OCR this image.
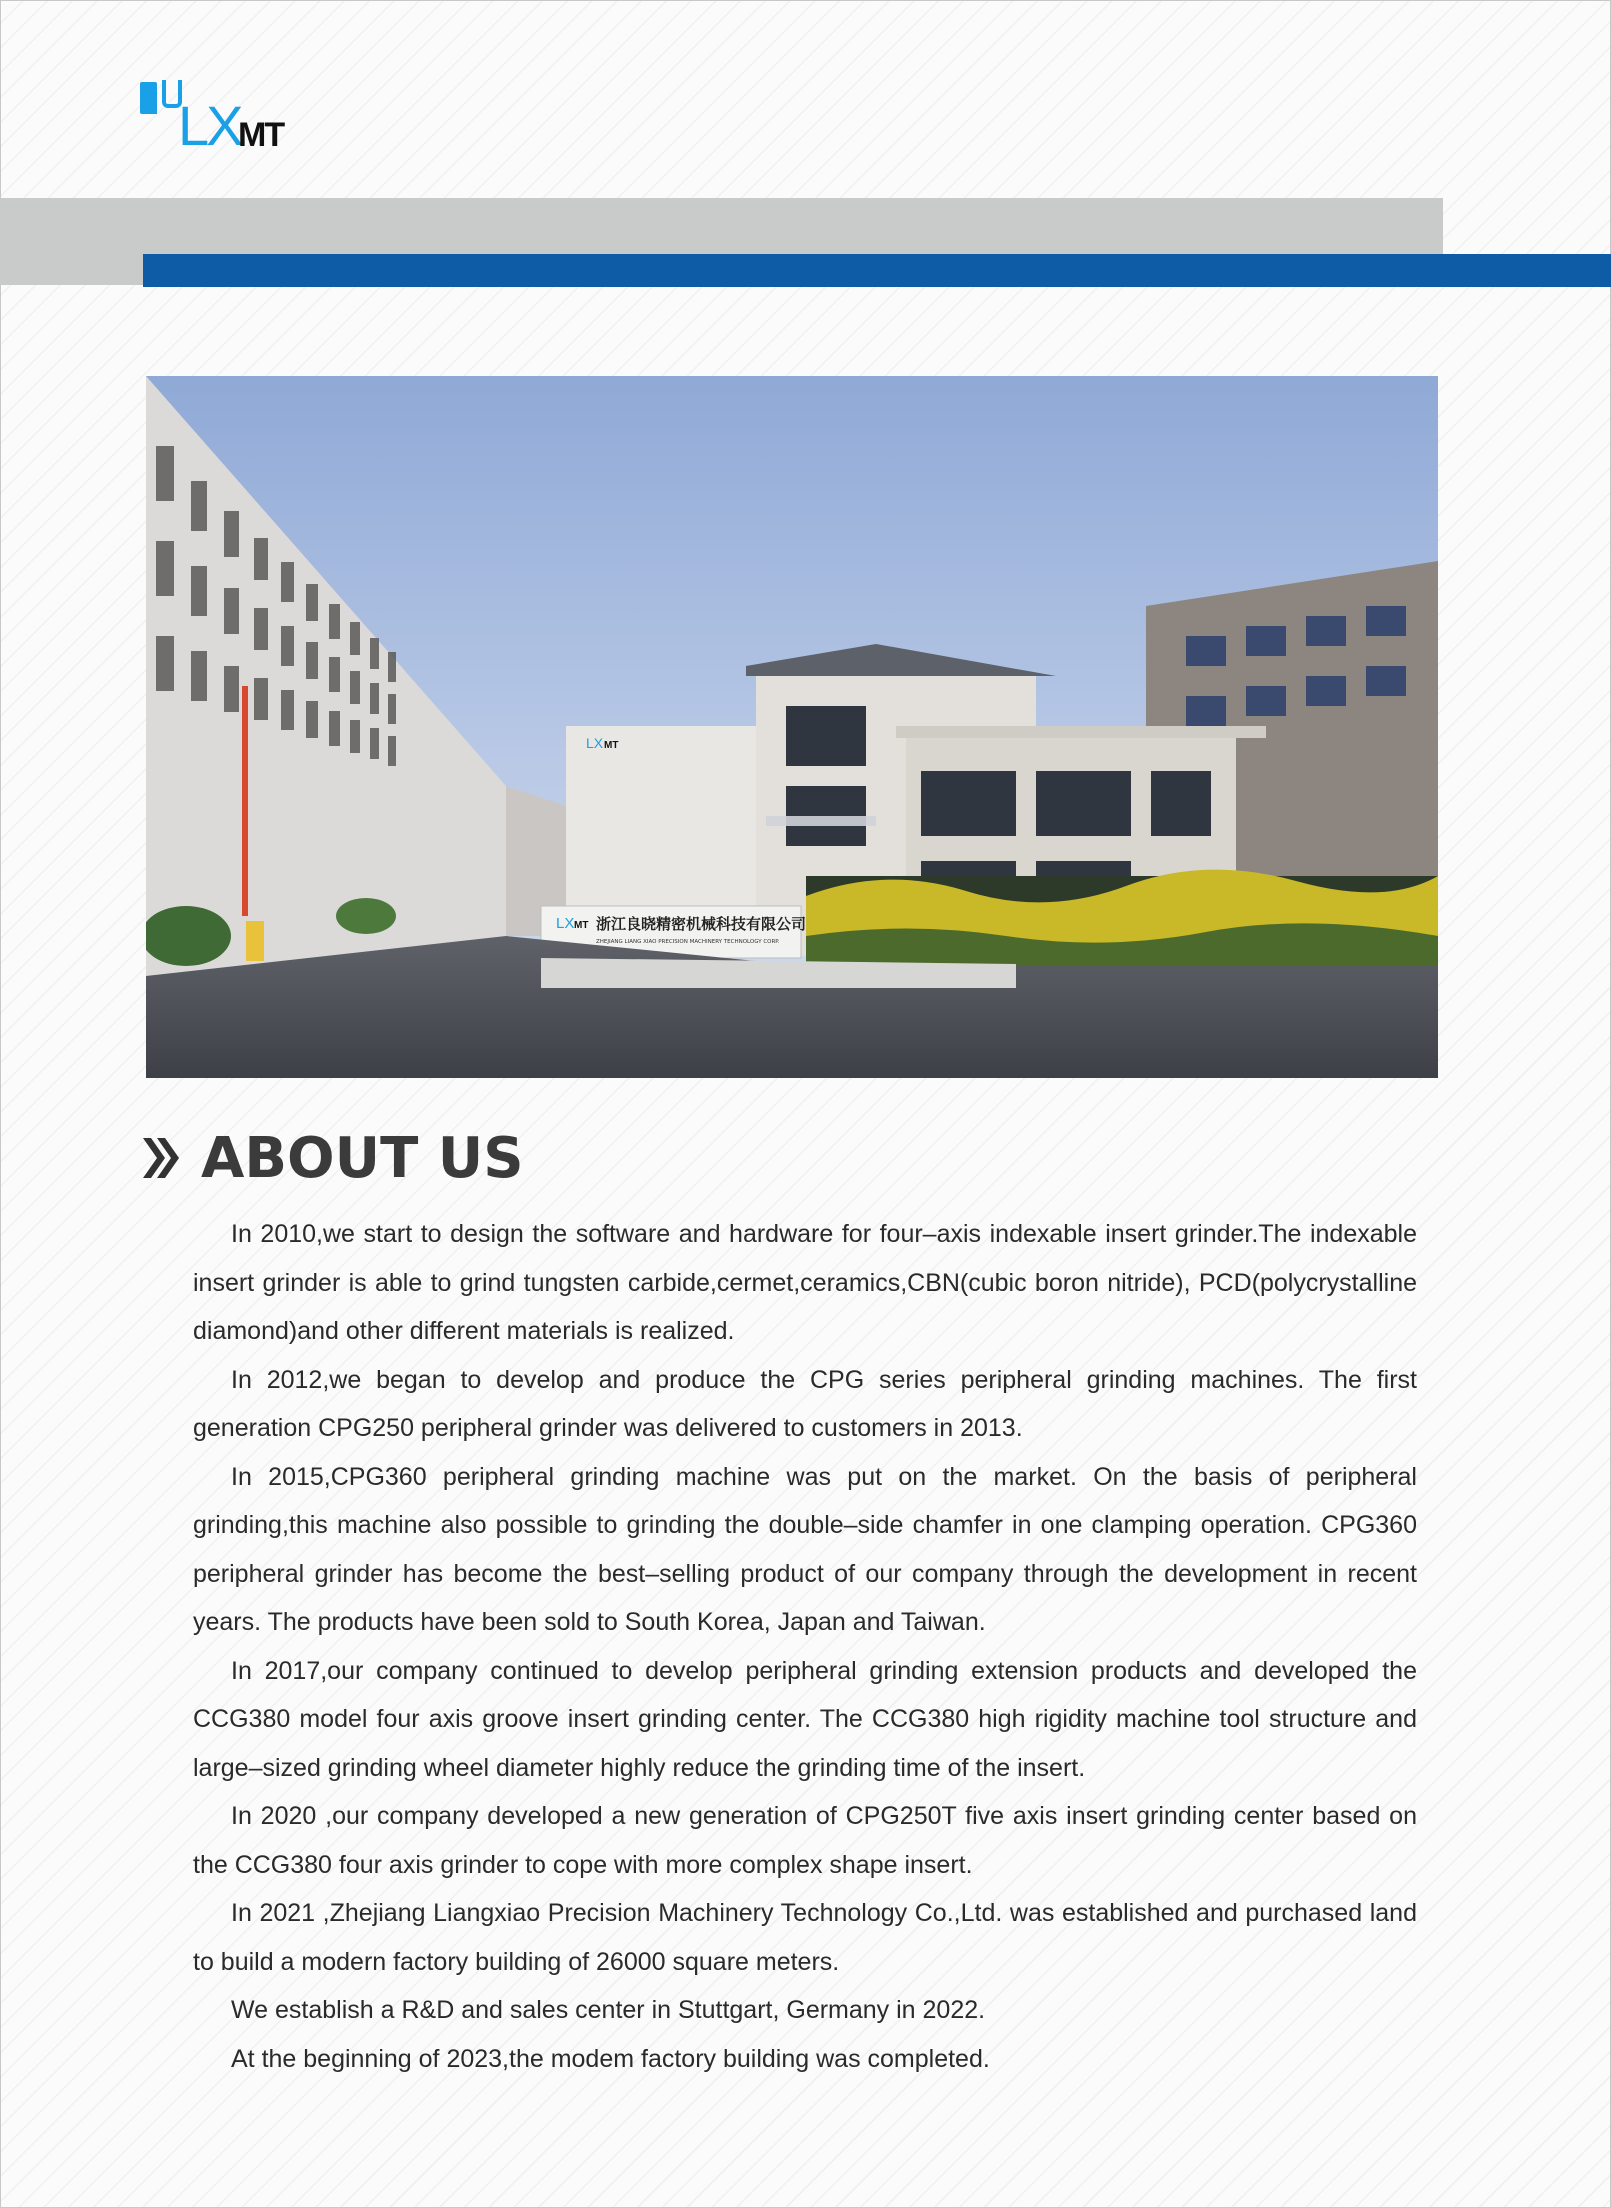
LX
MT
LX MT
LX MT 浙江良晓精密机械科技有限公司
ZHEJIANG LIANG XIAO PRECISION MACHINERY TECHNOLOGY CORP.
ABOUT US

In 2010,we start to design the software and hardware for four–axis indexable insert grinder.The indexable insert grinder is able to grind tungsten carbide,cermet,ceramics,CBN(cubic boron nitride), PCD(polycrystalline diamond)and other different materials is realized.

In 2012,we began to develop and produce the CPG series peripheral grinding machines. The first generation CPG250 peripheral grinder was delivered to customers in 2013.

In 2015,CPG360 peripheral grinding machine was put on the market. On the basis of peripheral grinding,this machine also possible to grinding the double–side chamfer in one clamping operation. CPG360 peripheral grinder has become the best–selling product of our company through the development in recent years. The products have been sold to South Korea, Japan and Taiwan.

In 2017,our company continued to develop peripheral grinding extension products and developed the CCG380 model four axis groove insert grinding center. The CCG380 high rigidity machine tool structure and large–sized grinding wheel diameter highly reduce the grinding time of the insert.

In 2020 ,our company developed a new generation of CPG250T five axis insert grinding center based on the CCG380 four axis grinder to cope with more complex shape insert.

In 2021 ,Zhejiang Liangxiao Precision Machinery Technology Co.,Ltd. was established and purchased land to build a modern factory building of 26000 square meters.

We establish a R&D and sales center in Stuttgart, Germany in 2022.

At the beginning of 2023,the modem factory building was completed.
